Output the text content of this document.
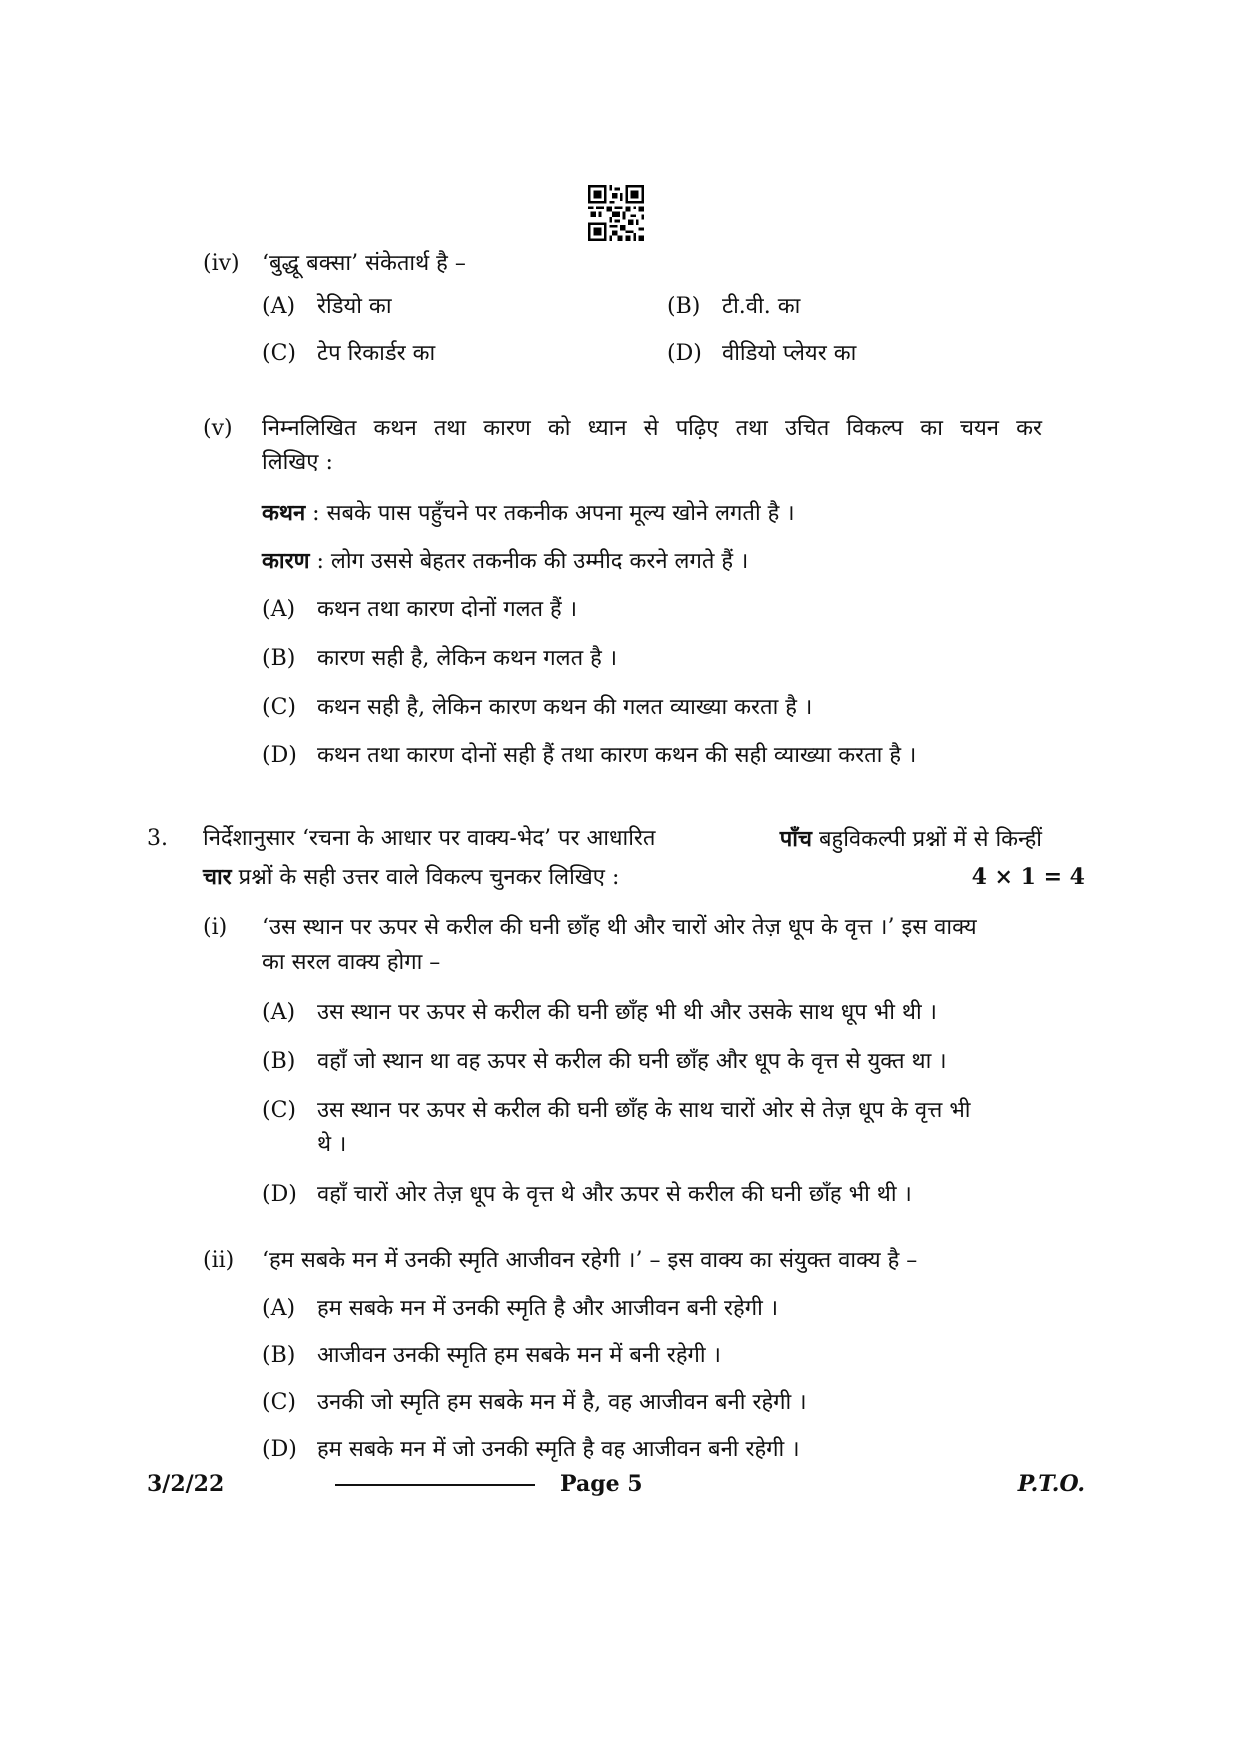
(iv) ‘बुद्धू बक्सा’ संकेतार्थ है –
(A) रेडियो का	(B) टी.वी. का
(C) टेप रिकार्डर का	(D) वीडियो प्लेयर का
(v) निम्नलिखित कथन तथा कारण को ध्यान से पढ़िए तथा उचित विकल्प का चयन कर
लिखिए :
कथन : सबके पास पहुँचने पर तकनीक अपना मूल्य खोने लगती है ।
कारण : लोग उससे बेहतर तकनीक की उम्मीद करने लगते हैं ।
(A) कथन तथा कारण दोनों गलत हैं ।
(B) कारण सही है, लेकिन कथन गलत है ।
(C) कथन सही है, लेकिन कारण कथन की गलत व्याख्या करता है ।
(D) कथन तथा कारण दोनों सही हैं तथा कारण कथन की सही व्याख्या करता है ।
3. निर्देशानुसार ‘रचना के आधार पर वाक्य-भेद’ पर आधारित	पाँच बहुविकल्पी प्रश्नों में से किन्हीं
चार प्रश्नों के सही उत्तर वाले विकल्प चुनकर लिखिए :	4 × 1 = 4
(i) ‘उस स्थान पर ऊपर से करील की घनी छाँह थी और चारों ओर तेज़ धूप के वृत्त ।’ इस वाक्य
का सरल वाक्य होगा –
(A) उस स्थान पर ऊपर से करील की घनी छाँह भी थी और उसके साथ धूप भी थी ।
(B) वहाँ जो स्थान था वह ऊपर से करील की घनी छाँह और धूप के वृत्त से युक्त था ।
(C) उस स्थान पर ऊपर से करील की घनी छाँह के साथ चारों ओर से तेज़ धूप के वृत्त भी
थे ।
(D) वहाँ चारों ओर तेज़ धूप के वृत्त थे और ऊपर से करील की घनी छाँह भी थी ।
(ii) ‘हम सबके मन में उनकी स्मृति आजीवन रहेगी ।’ – इस वाक्य का संयुक्त वाक्य है –
(A) हम सबके मन में उनकी स्मृति है और आजीवन बनी रहेगी ।
(B) आजीवन उनकी स्मृति हम सबके मन में बनी रहेगी ।
(C) उनकी जो स्मृति हम सबके मन में है, वह आजीवन बनी रहेगी ।
(D) हम सबके मन में जो उनकी स्मृति है वह आजीवन बनी रहेगी ।
3/2/22	Page 5	P.T.O.
